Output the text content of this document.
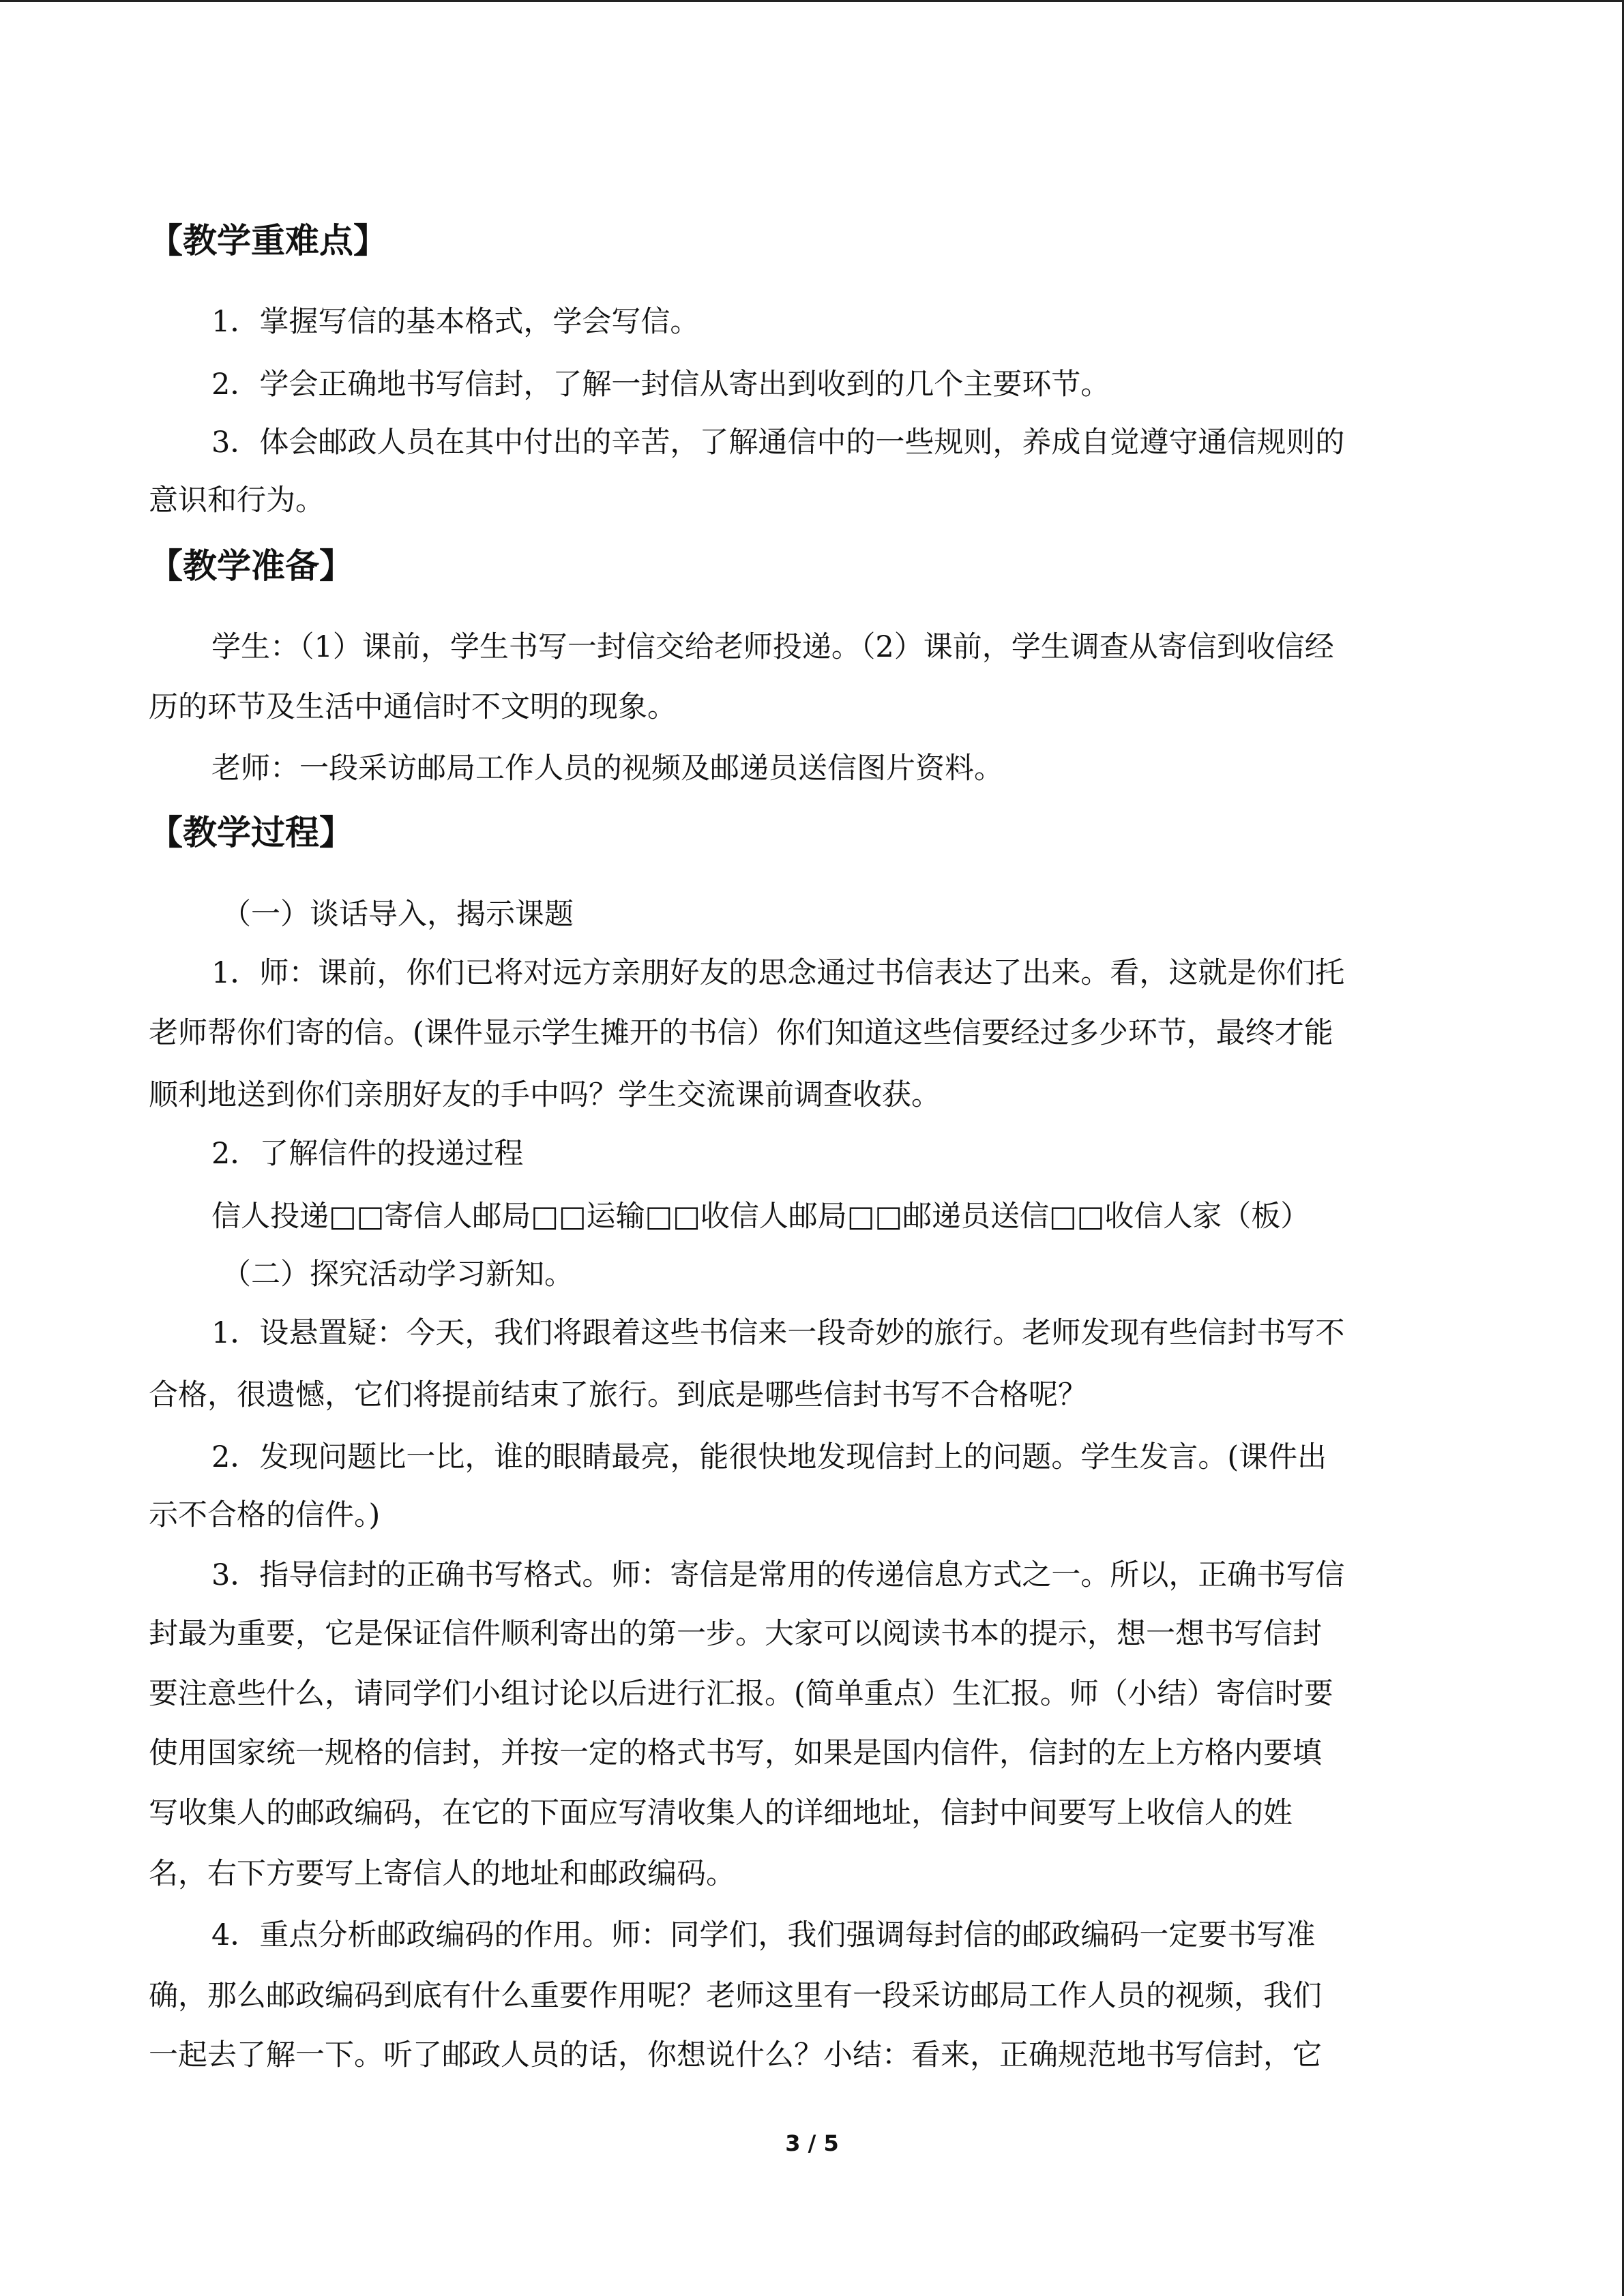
【教学重难点】
1．掌握写信的基本格式，学会写信。
2．学会正确地书写信封，了解一封信从寄出到收到的几个主要环节。
3．体会邮政人员在其中付出的辛苦，了解通信中的一些规则，养成自觉遵守通信规则的
意识和行为。
【教学准备】
学生：（1）课前，学生书写一封信交给老师投递。（2）课前，学生调查从寄信到收信经
历的环节及生活中通信时不文明的现象。
老师：一段采访邮局工作人员的视频及邮递员送信图片资料。
【教学过程】
（一）谈话导入，揭示课题
1．师：课前，你们已将对远方亲朋好友的思念通过书信表达了出来。看，这就是你们托
老师帮你们寄的信。(课件显示学生摊开的书信）你们知道这些信要经过多少环节，最终才能
顺利地送到你们亲朋好友的手中吗？学生交流课前调查收获。
2．了解信件的投递过程
信人投递□□寄信人邮局□□运输□□收信人邮局□□邮递员送信□□收信人家（板）
（二）探究活动学习新知。
1．设悬置疑：今天，我们将跟着这些书信来一段奇妙的旅行。老师发现有些信封书写不
合格，很遗憾，它们将提前结束了旅行。到底是哪些信封书写不合格呢？
2．发现问题比一比，谁的眼睛最亮，能很快地发现信封上的问题。学生发言。(课件出
示不合格的信件。)
3．指导信封的正确书写格式。师：寄信是常用的传递信息方式之一。所以，正确书写信
封最为重要，它是保证信件顺利寄出的第一步。大家可以阅读书本的提示，想一想书写信封
要注意些什么，请同学们小组讨论以后进行汇报。(简单重点）生汇报。师（小结）寄信时要
使用国家统一规格的信封，并按一定的格式书写，如果是国内信件，信封的左上方格内要填
写收集人的邮政编码，在它的下面应写清收集人的详细地址，信封中间要写上收信人的姓
名，右下方要写上寄信人的地址和邮政编码。
4．重点分析邮政编码的作用。师：同学们，我们强调每封信的邮政编码一定要书写准
确，那么邮政编码到底有什么重要作用呢？老师这里有一段采访邮局工作人员的视频，我们
一起去了解一下。听了邮政人员的话，你想说什么？小结：看来，正确规范地书写信封，它
3 / 5
